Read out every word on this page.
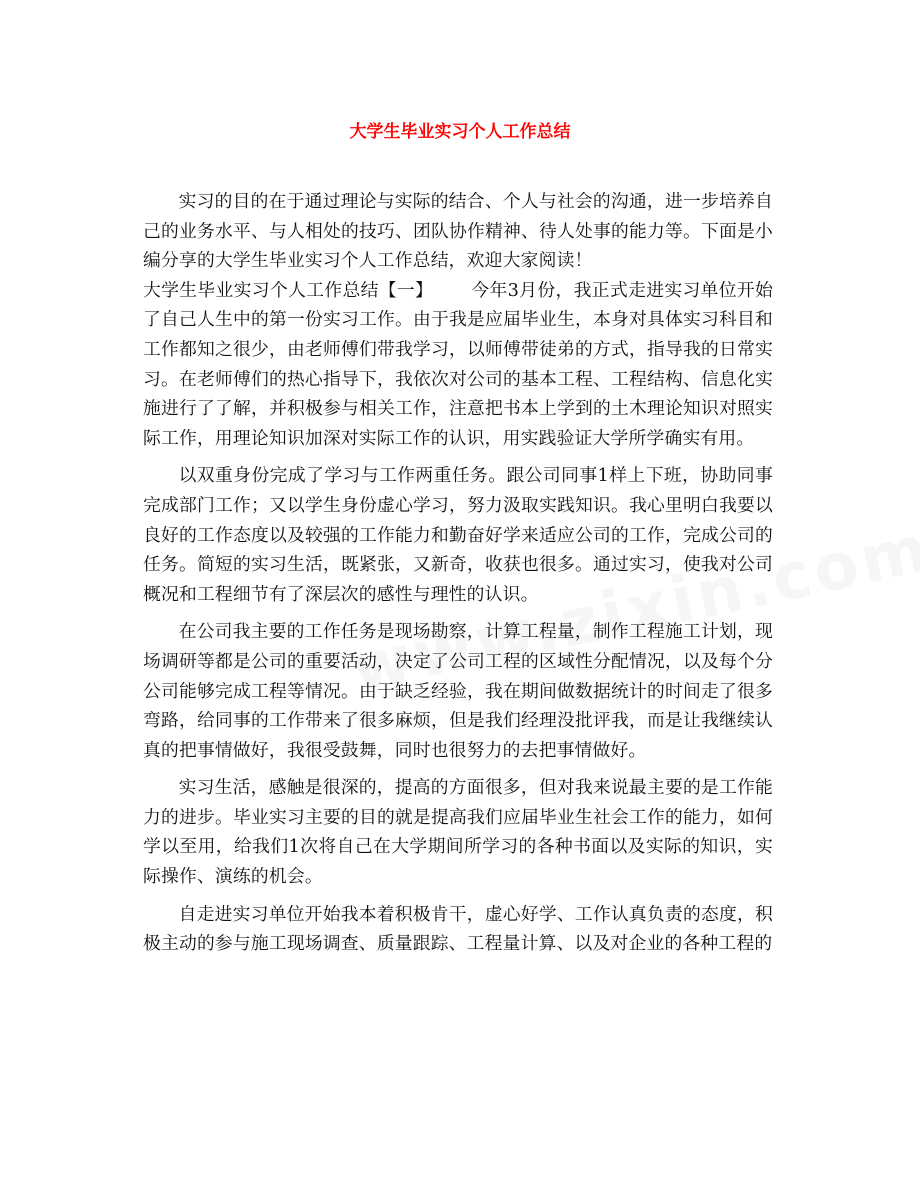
大学生毕业实习个人工作总结

实习的目的在于通过理论与实际的结合、个人与社会的沟通，进一步培养自己的业务水平、与人相处的技巧、团队协作精神、待人处事的能力等。下面是小编分享的大学生毕业实习个人工作总结，欢迎大家阅读！

大学生毕业实习个人工作总结【一】 今年3月份，我正式走进实习单位开始了自己人生中的第一份实习工作。由于我是应届毕业生，本身对具体实习科目和工作都知之很少，由老师傅们带我学习，以师傅带徒弟的方式，指导我的日常实习。在老师傅们的热心指导下，我依次对公司的基本工程、工程结构、信息化实施进行了了解，并积极参与相关工作，注意把书本上学到的土木理论知识对照实际工作，用理论知识加深对实际工作的认识，用实践验证大学所学确实有用。

以双重身份完成了学习与工作两重任务。跟公司同事1样上下班，协助同事完成部门工作；又以学生身份虚心学习，努力汲取实践知识。我心里明白我要以良好的工作态度以及较强的工作能力和勤奋好学来适应公司的工作，完成公司的任务。简短的实习生活，既紧张，又新奇，收获也很多。通过实习，使我对公司概况和工程细节有了深层次的感性与理性的认识。

在公司我主要的工作任务是现场勘察，计算工程量，制作工程施工计划，现场调研等都是公司的重要活动，决定了公司工程的区域性分配情况，以及每个分公司能够完成工程等情况。由于缺乏经验，我在期间做数据统计的时间走了很多弯路，给同事的工作带来了很多麻烦，但是我们经理没批评我，而是让我继续认真的把事情做好，我很受鼓舞，同时也很努力的去把事情做好。

实习生活，感触是很深的，提高的方面很多，但对我来说最主要的是工作能力的进步。毕业实习主要的目的就是提高我们应届毕业生社会工作的能力，如何学以至用，给我们1次将自己在大学期间所学习的各种书面以及实际的知识，实际操作、演练的机会。

自走进实习单位开始我本着积极肯干，虚心好学、工作认真负责的态度，积极主动的参与施工现场调查、质量跟踪、工程量计算、以及对企业的各种工程的
